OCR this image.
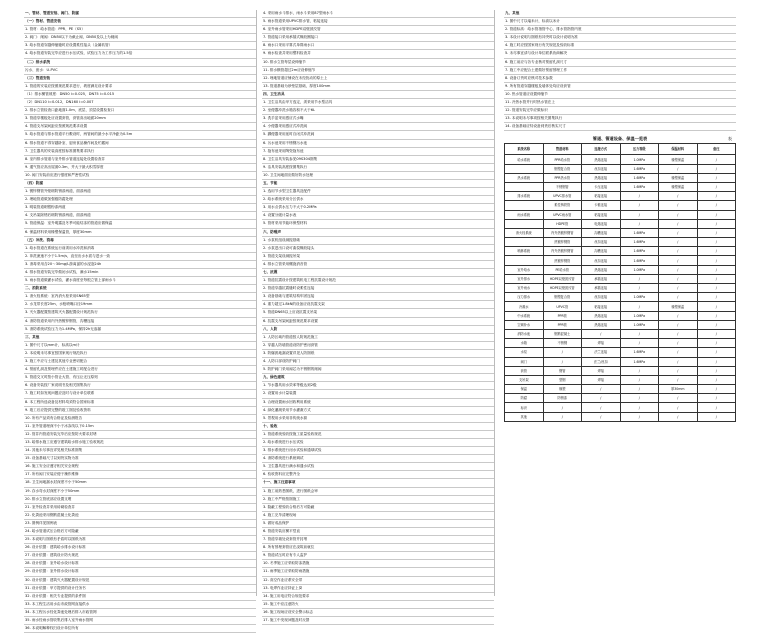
一、管材、管道安装、阀门、防腐
（一）管材、管道安装
1. 管材：给水管道：PPR、PE（S5）
2. 阀门：闸阀：DN50以下为截止阀，DN50及以上为闸阀
3. 给水管道穿越伸缩缝时应设置柔性接头（金属软管）
4. 给水管道安装完毕应进行水压试验，试验压力为工作压力的1.5倍
（二）排水系统
污水、废水：U-PVC
（三）管道安装
1. 管道的安装应按照规范要求进行，坡度满足设计要求
（1）排水横管坡度：DN50 i=0.025，DN75 i=0.015
（2）DN110 i=0.012，DN160 i=0.007
2. 排水立管检查口距地面1.0m，底层、顶层设置检查口
3. 管道穿楼板处应设置套管，套管高出地面20mm
4. 管道支吊架间距应按照规范要求设置
5. 给水管道与排水管道平行敷设时，两管间的最小水平净距为0.5m
6. 排水管道不得穿越卧室、厨房食品操作间及贮藏间
7. 卫生器具的安装高度按标准图集要求执行
8. 室内排水管道与室外排水管道连接处设置检查井
9. 通气管应高出屋面0.3m，并大于最大积雪厚度
10. 阀门安装前应进行强度和严密性试验
（四）防腐
1. 镀锌钢管外壁刷防锈漆两道，面漆两道
2. 埋地管道做加强级防腐处理
3. 明装管道刷银粉漆两道
4. 支吊架除锈后刷防锈漆两道，面漆两道
5. 管道保温：室外明露及冬季可能结冻的管道应做保温
6. 保温材料采用橡塑保温管，厚度30mm
（五）冲洗、消毒
1. 给水管道在系统运行前须用水冲洗和消毒
2. 冲洗流速不小于1.5m/s，直至出水水质与进水一致
3. 消毒采用含20～30mg/L游离氯的水浸泡24h
4. 排水管道安装完毕做闭水试验，满水15min
5. 雨水管道做灌水试验，灌水高度至每根立管上部雨水斗
二、消防系统
1. 消火栓系统：室内消火栓采用SN65型
2. 水龙带长度25m，水枪喷嘴口径19mm
3. 灭火器配置按建筑灭火器配置设计规范执行
4. 消防管道采用内外热镀锌钢管，沟槽连接
5. 消防系统试验压力为1.4MPa，保持2h无渗漏
三、其他
1. 图中尺寸以mm计，标高以m计
2. 本说明未尽事宜按国家现行规范执行
3. 施工中应与土建及其他专业密切配合
4. 预留孔洞及预埋件应在土建施工时配合进行
5. 管道交叉时按小管让大管、有压让无压原则
6. 设备安装按厂家说明书及相关图集执行
7. 施工时如发现问题应及时与设计单位联系
8. 本工程所选设备及材料均须符合国家标准
9. 竣工后应提供完整的竣工图及验收资料
10. 所有产品须有合格证及检测报告
11. 室外管道埋深不小于冰冻线以下0.15m
12. 管井内管道安装完毕后应按防火要求封堵
13. 给排水施工应遵守建筑给水排水施工验收规范
14. 其他未尽事宜详见相关标准图集
15. 设备基础尺寸以到货实物为准
16. 施工安全应遵守相关安全规程
17. 所有阀门安装应便于操作维修
18. 卫生间地漏水封深度不小于50mm
19. 存水弯水封深度不小于50mm
20. 排水立管底部应设置支墩
21. 室外检查井采用砖砌检查井
22. 化粪池采用钢筋混凝土化粪池
23. 图例详见图例表
24. 给水管道试压合格后方可隐蔽
25. 本说明与图纸有矛盾时以图纸为准
26. 设计依据：建筑给水排水设计标准
27. 设计依据：建筑设计防火规范
28. 设计依据：室外给水设计标准
29. 设计依据：室外排水设计标准
30. 设计依据：建筑灭火器配置设计规范
31. 设计依据：甲方提供的设计任务书
32. 设计依据：相关专业提供的条件图
33. 本工程生活用水由市政管网直接供水
34. 本工程污水经化粪池处理后排入市政管网
35. 雨水经雨水管收集后排入室外雨水管网
36. 本说明解释权归设计单位所有
4. 采用雨水斗排水，雨水斗采用87型雨水斗
5. 雨水管道采用UPVC排水管，粘接连接
6. 室外雨水管采用HDPE双壁波纹管
7. 管道接口采用承插式橡胶圈接口
8. 雨水口采用平算式单算雨水口
9. 雨水检查井采用塑料检查井
10. 排水立管每层设伸缩节
11. 排水横管超过2m应设伸缩节
12. 埋地管道应铺设在未经扰动的原土上
13. 管道基础为砂垫层基础，厚度100mm
四、卫生洁具
1. 卫生洁具由甲方选定，须采用节水型洁具
2. 坐便器冲洗水箱容积不大于6L
3. 洗手盆采用感应式水嘴
4. 小便器采用感应式冲洗阀
5. 蹲便器采用延时自闭式冲洗阀
6. 污水池采用不锈钢污水池
7. 拖布池采用陶瓷拖布池
8. 卫生洁具安装参见09S304图集
9. 洁具安装高度按图集执行
10. 卫生间地面应做好防水处理
五、节能
1. 选用节水型卫生器具及配件
2. 给水系统采用分区供水
3. 用水点供水压力不大于0.2MPa
4. 设置分级计量水表
5. 管材采用节能环保型材料
六、防噪声
1. 水泵机组设减振基础
2. 水泵进出口设可曲挠橡胶接头
3. 管道支架设减振吊架
4. 排水立管采用螺旋消音管
七、抗震
1. 管道抗震设计按建筑机电工程抗震设计规范
2. 管道穿越抗震缝时设柔性连接
3. 设备基础与建筑结构牢固连接
4. 重力超过1.8kN的设备应设抗震支架
5. 管道DN65以上应设抗震支吊架
6. 抗震支吊架间距按规范要求设置
八、人防
1. 人防区域内管道按人防规范施工
2. 穿越人防墙管道设防护密闭套管
3. 防爆波地漏设置详见人防图纸
4. 人防口部设防护阀门
5. 防护阀门采用阀芯为不锈钢的闸阀
九、绿色建筑
1. 节水器具用水效率等级达到2级
2. 设置用水计量装置
3. 合理设置雨水回收利用系统
4. 绿化灌溉采用节水灌溉方式
5. 景观用水采用非传统水源
十、验收
1. 管道系统验收按施工质量验收规范
2. 给水系统进行水压试验
3. 排水系统进行闭水试验和通球试验
4. 消防系统进行系统调试
5. 卫生器具进行满水和通水试验
6. 验收资料应完整齐全
十一、施工注意事项
1. 施工前熟悉图纸，进行图纸会审
2. 施工中严格按图施工
3. 隐蔽工程验收合格后方可隐蔽
4. 施工完毕清理现场
5. 做好成品保护
6. 管道安装应横平竖直
7. 管道穿墙处设套管并封堵
8. 所有预埋套管应在浇筑前就位
9. 管道试压时应有专人监护
10. 冬季施工应采取防冻措施
11. 雨季施工应采取防雨措施
12. 高空作业应系安全带
13. 电焊作业应持证上岗
14. 施工用电应符合规范要求
15. 施工中应注意防火
16. 施工现场应设安全警示标志
17. 施工中发现问题及时反馈
九、其他
1. 图中尺寸以毫米计，标高以米计
2. 管道标高：给水管指管中心，排水管指管内底
3. 本设计说明与图纸有冲突时以设计说明为准
4. 施工时应按国家现行有关规范及验收标准
5. 未尽事宜请与设计单位联系协商解决
6. 施工前应与各专业核对预留孔洞尺寸
7. 施工中应配合土建做好预留预埋工作
8. 设备订货时应核对技术参数
9. 所有管道穿越楼板及墙体处均应设套管
10. 热水管道应设置伸缩节
11. 冷热水管并行时热水管在上
12. 管道安装完毕应做标识
13. 本说明未尽事项按相关图集执行
14. 设备基础应待设备到货后核实尺寸
管道、管道设备、保温一览表	表
系统名称	管道材料	连接方式	压力等级	保温材料	备注
给水系统	PPR给水管	热熔连接	1.0MPa	橡塑保温	/
	钢塑复合管	丝扣连接	1.6MPa	/	/
热水系统	PPR热水管	热熔连接	1.6MPa	橡塑保温	/
	不锈钢管	卡压连接	1.6MPa	橡塑保温	/
排水系统	UPVC排水管	粘接连接	/	/	/
	柔性铸铁管	卡箍连接	/	/	/
雨水系统	UPVC雨水管	粘接连接	/	/	/
	HDPE管	电熔连接	/	/	/
消火栓系统	内外热镀锌钢管	沟槽连接	1.6MPa	/	/
	热镀锌钢管	丝扣连接	1.6MPa	/	/
喷淋系统	内外热镀锌钢管	沟槽连接	1.6MPa	/	/
	热镀锌钢管	丝扣连接	1.6MPa	/	/
室外给水	PE给水管	热熔连接	1.0MPa	/	/
室外排水	HDPE双壁波纹管	承插连接	/	/	/
室外雨水	HDPE双壁波纹管	承插连接	/	/	/
压力排水	钢塑复合管	丝扣连接	1.0MPa	/	/
冷凝水	UPVC管	粘接连接	/	橡塑保温	/
中水系统	PPR管	热熔连接	1.0MPa	/	/
空调补水	PPR管	热熔连接	1.0MPa	/	/
消防水池	钢筋混凝土	/	/	/	/
水箱	不锈钢	焊接	/	/	/
水泵	/	法兰连接	1.6MPa	/	/
阀门	/	法兰/丝扣	1.6MPa	/	/
套管	钢管	焊接	/	/	/
支吊架	型钢	焊接	/	/	/
保温	橡塑	/	/	厚30mm	/
防腐	防锈漆	/	/	/	/
标识	/	/	/	/	/
其他	/	/	/	/	/
